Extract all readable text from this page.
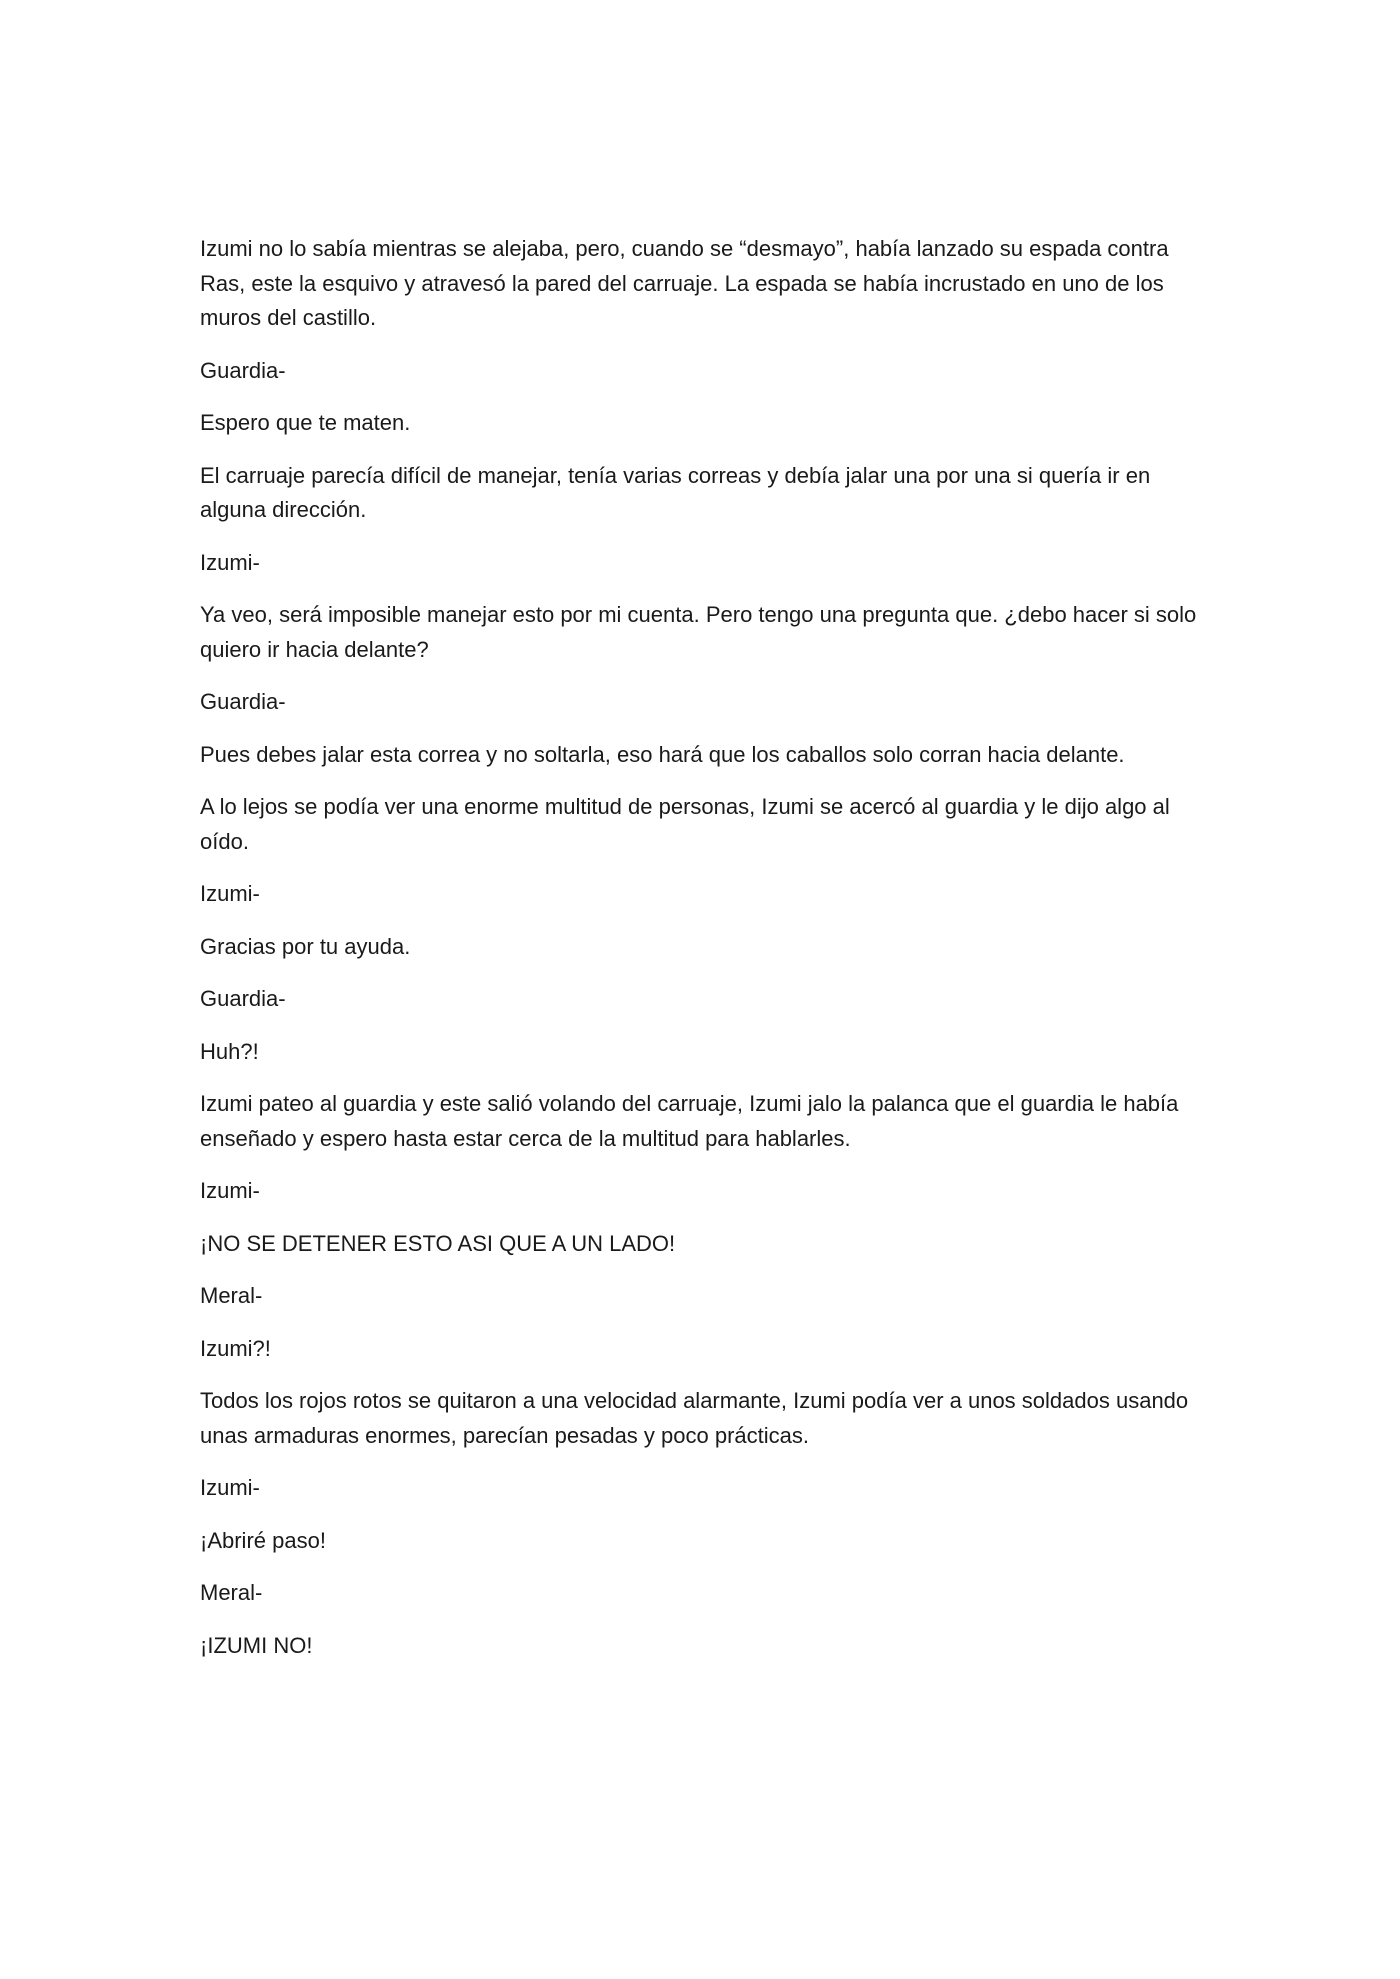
Izumi no lo sabía mientras se alejaba, pero, cuando se “desmayo”, había lanzado su espada contra Ras, este la esquivo y atravesó la pared del carruaje. La espada se había incrustado en uno de los muros del castillo.

Guardia-

Espero que te maten.

El carruaje parecía difícil de manejar, tenía varias correas y debía jalar una por una si quería ir en alguna dirección.

Izumi-

Ya veo, será imposible manejar esto por mi cuenta. Pero tengo una pregunta que. ¿debo hacer si solo quiero ir hacia delante?

Guardia-

Pues debes jalar esta correa y no soltarla, eso hará que los caballos solo corran hacia delante.

A lo lejos se podía ver una enorme multitud de personas, Izumi se acercó al guardia y le dijo algo al oído.

Izumi-

Gracias por tu ayuda.

Guardia-

Huh?!

Izumi pateo al guardia y este salió volando del carruaje, Izumi jalo la palanca que el guardia le había enseñado y espero hasta estar cerca de la multitud para hablarles.

Izumi-

¡NO SE DETENER ESTO ASI QUE A UN LADO!

Meral-

Izumi?!

Todos los rojos rotos se quitaron a una velocidad alarmante, Izumi podía ver a unos soldados usando unas armaduras enormes, parecían pesadas y poco prácticas.

Izumi-

¡Abriré paso!

Meral-

¡IZUMI NO!
